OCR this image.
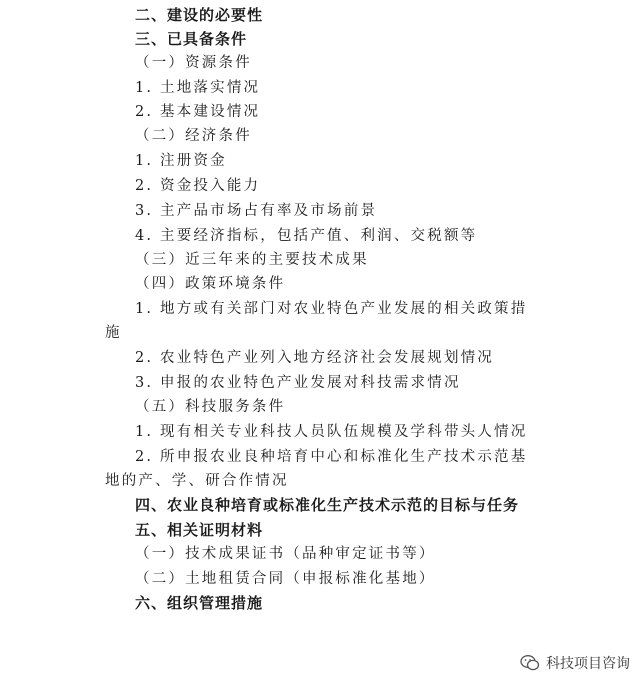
二、建设的必要性
三、已具备条件
（一）资源条件
1. 土地落实情况
2. 基本建设情况
（二）经济条件
1. 注册资金
2. 资金投入能力
3. 主产品市场占有率及市场前景
4. 主要经济指标，包括产值、利润、交税额等
（三）近三年来的主要技术成果
（四）政策环境条件
1. 地方或有关部门对农业特色产业发展的相关政策措
施
2. 农业特色产业列入地方经济社会发展规划情况
3. 申报的农业特色产业发展对科技需求情况
（五）科技服务条件
1. 现有相关专业科技人员队伍规模及学科带头人情况
2. 所申报农业良种培育中心和标准化生产技术示范基
地的产、学、研合作情况
四、农业良种培育或标准化生产技术示范的目标与任务
五、相关证明材料
（一）技术成果证书（品种审定证书等）
（二）土地租赁合同（申报标准化基地）
六、组织管理措施
科技项目咨询
